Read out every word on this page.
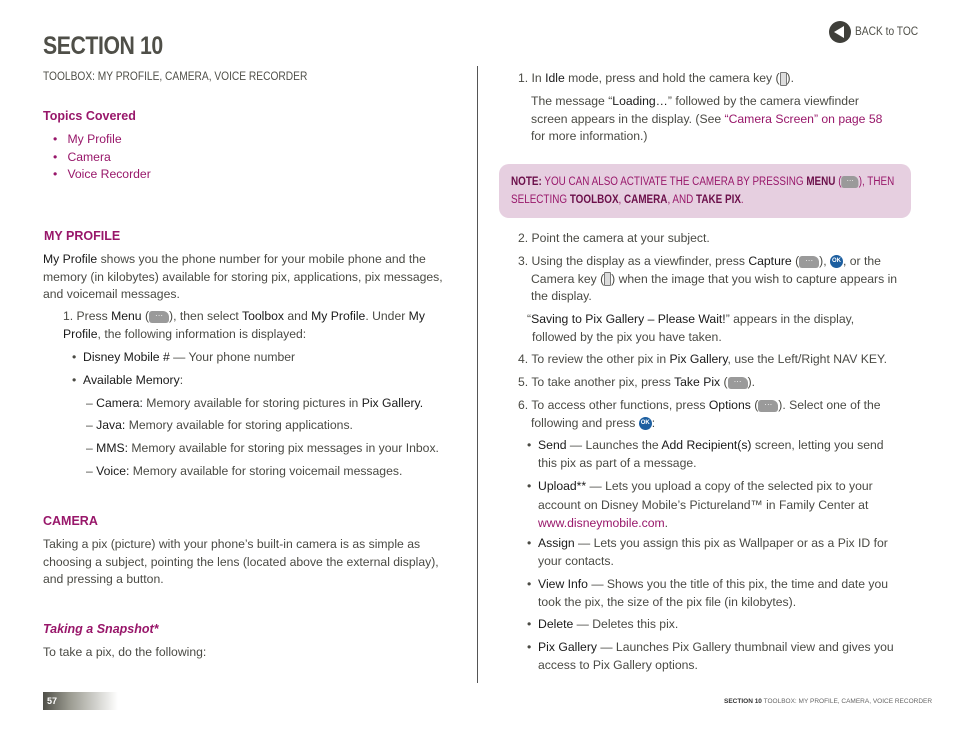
BACK to TOC
SECTION 10
TOOLBOX: MY PROFILE, CAMERA, VOICE RECORDER
Topics Covered
•   My Profile
•   Camera
•   Voice Recorder
MY PROFILE
My Profile shows you the phone number for your mobile phone and the memory (in kilobytes) available for storing pix, applications, pix messages, and voicemail messages.
1. Press Menu ( ··· ), then select Toolbox and My Profile. Under My Profile, the following information is displayed:
•  Disney Mobile # — Your phone number
•  Available Memory:
– Camera: Memory available for storing pictures in Pix Gallery.
– Java: Memory available for storing applications.
– MMS: Memory available for storing pix messages in your Inbox.
– Voice: Memory available for storing voicemail messages.
CAMERA
Taking a pix (picture) with your phone’s built-in camera is as simple as choosing a subject, pointing the lens (located above the external display), and pressing a button.
Taking a Snapshot*
To take a pix, do the following:
1. In Idle mode, press and hold the camera key ( ).
The message “Loading…” followed by the camera viewfinder screen appears in the display. (See “Camera Screen” on page 58 for more information.)
NOTE: YOU CAN ALSO ACTIVATE THE CAMERA BY PRESSING MENU ( ··· ), THEN SELECTING TOOLBOX, CAMERA, AND TAKE PIX.
2. Point the camera at your subject.
3. Using the display as a viewfinder, press Capture ( ··· ), OK , or the Camera key ( ) when the image that you wish to capture appears in the display.
“Saving to Pix Gallery – Please Wait!” appears in the display, followed by the pix you have taken.
4. To review the other pix in Pix Gallery, use the Left/Right NAV KEY.
5. To take another pix, press Take Pix ( ··· ).
6. To access other functions, press Options ( ··· ). Select one of the following and press OK :
•  Send — Launches the Add Recipient(s) screen, letting you send this pix as part of a message.
•  Upload** — Lets you upload a copy of the selected pix to your account on Disney Mobile’s Pictureland™ in Family Center at www.disneymobile.com.
•  Assign — Lets you assign this pix as Wallpaper or as a Pix ID for your contacts.
•  View Info — Shows you the title of this pix, the time and date you took the pix, the size of the pix file (in kilobytes).
•  Delete — Deletes this pix.
•  Pix Gallery — Launches Pix Gallery thumbnail view and gives you access to Pix Gallery options.
57	SECTION 10 TOOLBOX: MY PROFILE, CAMERA, VOICE RECORDER
